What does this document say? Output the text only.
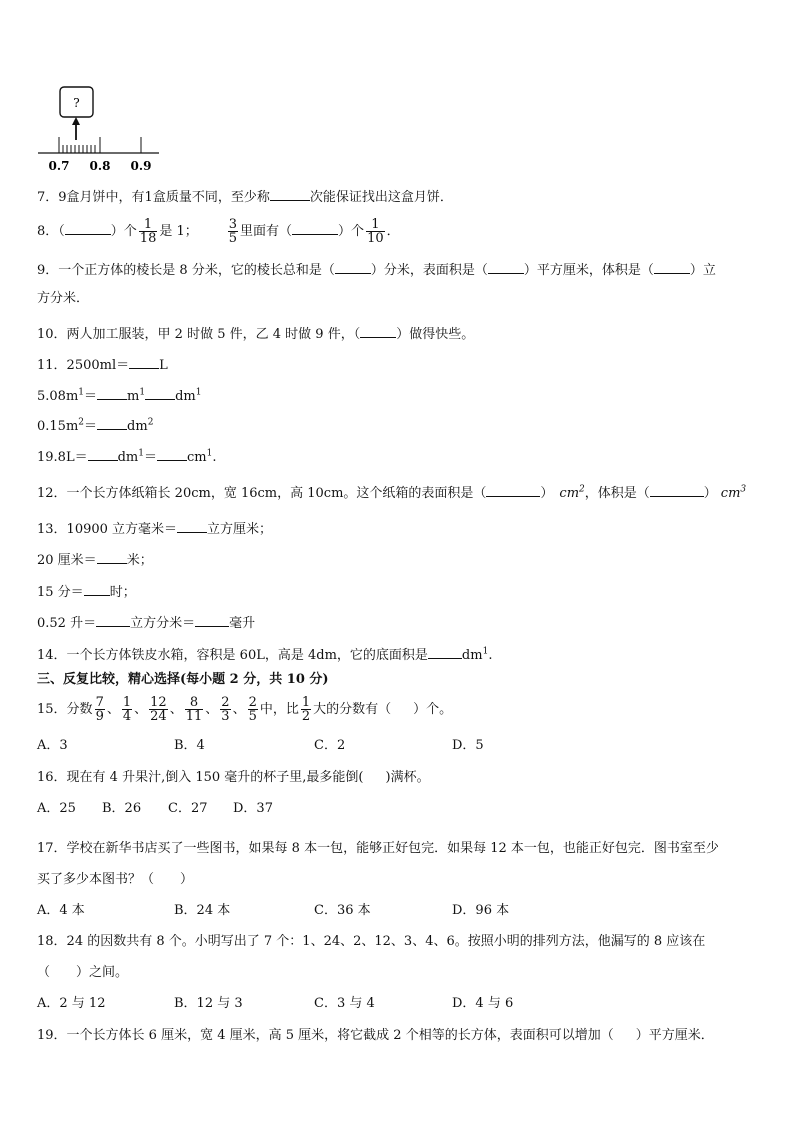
?
0.7 0.8 0.9
7．9盒月饼中，有1盒质量不同，至少称	次能保证找出这盒月饼．
8．（	）个 $\frac{1}{18}$ 是 1； $\frac{3}{5}$ 里面有（	）个 $\frac{1}{10}$ ．
9．一个正方体的棱长是 8 分米，它的棱长总和是（	）分米，表面积是（	）平方厘米，体积是（	）立
方分米．
10．两人加工服装，甲 2 时做 5 件，乙 4 时做 9 件，（	）做得快些。
11．2500ml＝ L
$5.08m^1= m^1$ $dm^1$
$0.15m^2= dm^2$
$19.8L= dm^1= cm^1$.
12．一个长方体纸箱长 20cm，宽 16cm，高 10cm。这个纸箱的表面积是（	） $cm^2$，体积是（	） $cm^3$
13．10900 立方毫米＝ 立方厘米；
20 厘米＝ 米；
15 分＝ 时；
0.52 升＝	立方分米＝	毫升
14．一个长方体铁皮水箱，容积是 60L，高是 4dm，它的底面积是	$dm^1$.
三、反复比较，精心选择(每小题 2 分，共 10 分)
15．分数 $\frac{7}{9}$ 、 $\frac{1}{4}$ 、 $\frac{12}{24}$ 、 $\frac{8}{11}$ 、 $\frac{2}{3}$ 、 $\frac{2}{5}$ 中，比 $\frac{1}{2}$ 大的分数有（ ）个。
A．3	B．4	C．2	D．5
16．现在有 4 升果汁,倒入 150 毫升的杯子里,最多能倒( )满杯。
A．25 B．26 C．27 D．37
17．学校在新华书店买了一些图书，如果每 8 本一包，能够正好包完．如果每 12 本一包，也能正好包完．图书室至少
买了多少本图书？（　　）
A．4 本	B．24 本	C．36 本	D．96 本
18．24 的因数共有 8 个。小明写出了 7 个：1、24、2、12、3、4、6。按照小明的排列方法，他漏写的 8 应该在
（　　）之间。
A．2 与 12	B．12 与 3	C．3 与 4	D．4 与 6
19．一个长方体长 6 厘米，宽 4 厘米，高 5 厘米，将它截成 2 个相等的长方体，表面积可以增加（ ）平方厘米．
